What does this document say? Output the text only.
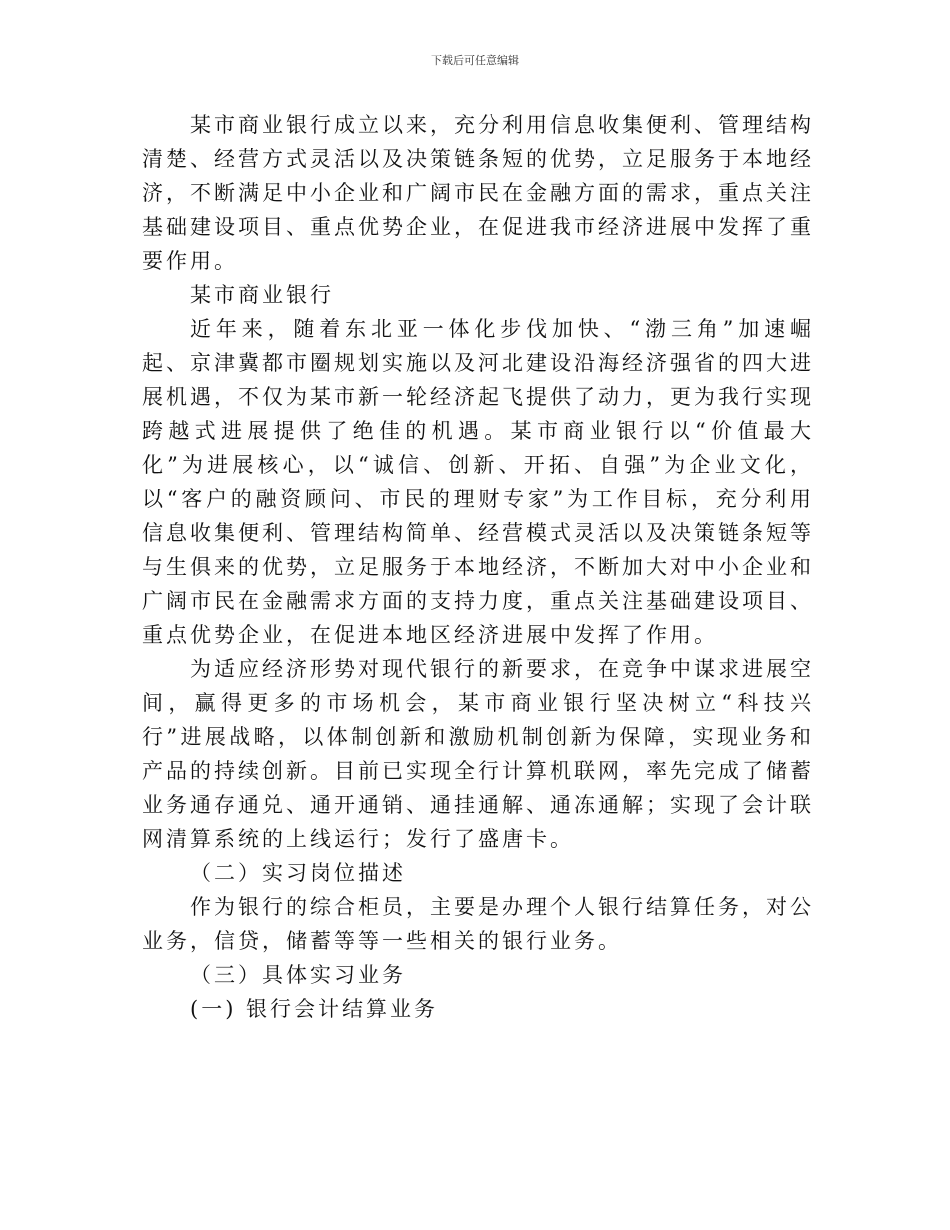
下载后可任意编辑

某市商业银行成立以来，充分利用信息收集便利、管理结构清楚、经营方式灵活以及决策链条短的优势，立足服务于本地经济，不断满足中小企业和广阔市民在金融方面的需求，重点关注基础建设项目、重点优势企业，在促进我市经济进展中发挥了重要作用。

某市商业银行

近年来，随着东北亚一体化步伐加快、“渤三角”加速崛起、京津冀都市圈规划实施以及河北建设沿海经济强省的四大进展机遇，不仅为某市新一轮经济起飞提供了动力，更为我行实现跨越式进展提供了绝佳的机遇。某市商业银行以“价值最大化”为进展核心，以“诚信、创新、开拓、自强”为企业文化，以“客户的融资顾问、市民的理财专家”为工作目标，充分利用信息收集便利、管理结构简单、经营模式灵活以及决策链条短等与生俱来的优势，立足服务于本地经济，不断加大对中小企业和广阔市民在金融需求方面的支持力度，重点关注基础建设项目、重点优势企业，在促进本地区经济进展中发挥了作用。

为适应经济形势对现代银行的新要求，在竞争中谋求进展空间，赢得更多的市场机会，某市商业银行坚决树立“科技兴行”进展战略，以体制创新和激励机制创新为保障，实现业务和产品的持续创新。目前已实现全行计算机联网，率先完成了储蓄业务通存通兑、通开通销、通挂通解、通冻通解；实现了会计联网清算系统的上线运行；发行了盛唐卡。

（二）实习岗位描述

作为银行的综合柜员，主要是办理个人银行结算任务，对公业务，信贷，储蓄等等一些相关的银行业务。

（三）具体实习业务

(一) 银行会计结算业务
